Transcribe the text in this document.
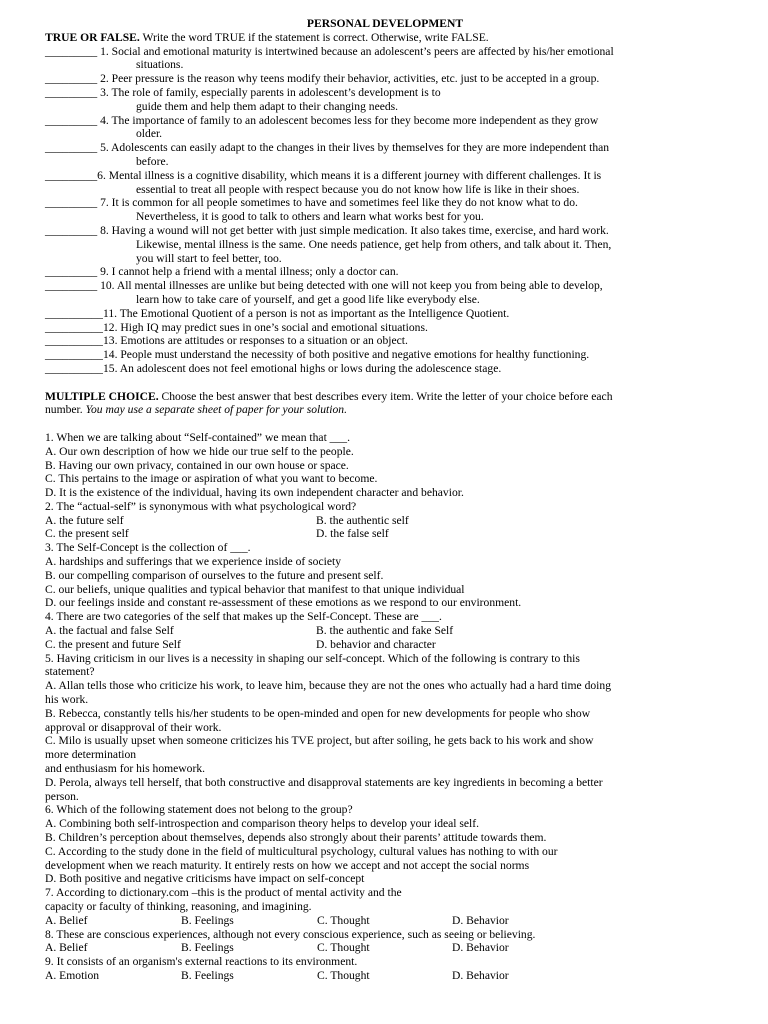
PERSONAL DEVELOPMENT
TRUE OR FALSE. Write the word TRUE if the statement is correct. Otherwise, write FALSE.
_________ 1. Social and emotional maturity is intertwined because an adolescent’s peers are affected by his/her emotional
situations.
_________ 2. Peer pressure is the reason why teens modify their behavior, activities, etc. just to be accepted in a group.
_________ 3. The role of family, especially parents in adolescent’s development is to
guide them and help them adapt to their changing needs.
_________ 4. The importance of family to an adolescent becomes less for they become more independent as they grow
older.
_________ 5. Adolescents can easily adapt to the changes in their lives by themselves for they are more independent than
before.
_________6. Mental illness is a cognitive disability, which means it is a different journey with different challenges. It is
essential to treat all people with respect because you do not know how life is like in their shoes.
_________ 7. It is common for all people sometimes to have and sometimes feel like they do not know what to do.
Nevertheless, it is good to talk to others and learn what works best for you.
_________ 8. Having a wound will not get better with just simple medication. It also takes time, exercise, and hard work.
Likewise, mental illness is the same. One needs patience, get help from others, and talk about it. Then,
you will start to feel better, too.
_________ 9. I cannot help a friend with a mental illness; only a doctor can.
_________ 10. All mental illnesses are unlike but being detected with one will not keep you from being able to develop,
learn how to take care of yourself, and get a good life like everybody else.
__________11. The Emotional Quotient of a person is not as important as the Intelligence Quotient.
__________12. High IQ may predict sues in one’s social and emotional situations.
__________13. Emotions are attitudes or responses to a situation or an object.
__________14. People must understand the necessity of both positive and negative emotions for healthy functioning.
__________15. An adolescent does not feel emotional highs or lows during the adolescence stage.
MULTIPLE CHOICE. Choose the best answer that best describes every item. Write the letter of your choice before each
number. You may use a separate sheet of paper for your solution.
1. When we are talking about “Self-contained” we mean that ___.
A. Our own description of how we hide our true self to the people.
B. Having our own privacy, contained in our own house or space.
C. This pertains to the image or aspiration of what you want to become.
D. It is the existence of the individual, having its own independent character and behavior.
2. The “actual-self” is synonymous with what psychological word?
A. the future self	B. the authentic self
C. the present self	D. the false self
3. The Self-Concept is the collection of ___.
A. hardships and sufferings that we experience inside of society
B. our compelling comparison of ourselves to the future and present self.
C. our beliefs, unique qualities and typical behavior that manifest to that unique individual
D. our feelings inside and constant re-assessment of these emotions as we respond to our environment.
4. There are two categories of the self that makes up the Self-Concept. These are ___.
A. the factual and false Self	B. the authentic and fake Self
C. the present and future Self	D. behavior and character
5. Having criticism in our lives is a necessity in shaping our self-concept. Which of the following is contrary to this
statement?
A. Allan tells those who criticize his work, to leave him, because they are not the ones who actually had a hard time doing
his work.
B. Rebecca, constantly tells his/her students to be open-minded and open for new developments for people who show
approval or disapproval of their work.
C. Milo is usually upset when someone criticizes his TVE project, but after soiling, he gets back to his work and show
more determination
and enthusiasm for his homework.
D. Perola, always tell herself, that both constructive and disapproval statements are key ingredients in becoming a better
person.
6. Which of the following statement does not belong to the group?
A. Combining both self-introspection and comparison theory helps to develop your ideal self.
B. Children’s perception about themselves, depends also strongly about their parents’ attitude towards them.
C. According to the study done in the field of multicultural psychology, cultural values has nothing to with our
development when we reach maturity. It entirely rests on how we accept and not accept the social norms
D. Both positive and negative criticisms have impact on self-concept
7. According to dictionary.com –this is the product of mental activity and the
capacity or faculty of thinking, reasoning, and imagining.
A. Belief	B. Feelings	C. Thought	D. Behavior
8. These are conscious experiences, although not every conscious experience, such as seeing or believing.
A. Belief	B. Feelings	C. Thought	D. Behavior
9. It consists of an organism's external reactions to its environment.
A. Emotion	B. Feelings	C. Thought	D. Behavior
